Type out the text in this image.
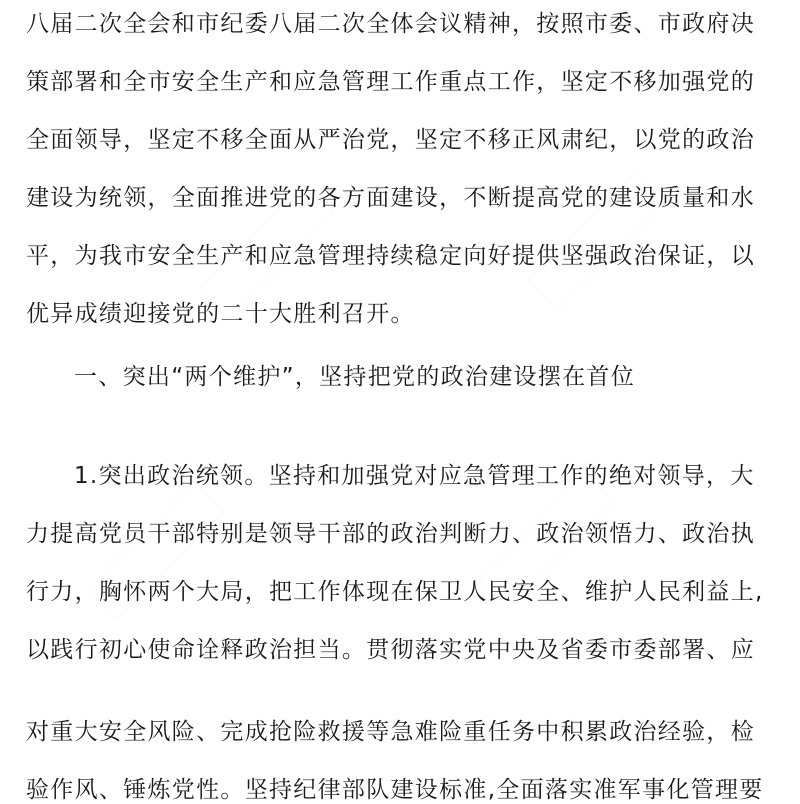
八届二次全会和市纪委八届二次全体会议精神，按照市委、市政府决
策部署和全市安全生产和应急管理工作重点工作，坚定不移加强党的
全面领导，坚定不移全面从严治党，坚定不移正风肃纪，以党的政治
建设为统领，全面推进党的各方面建设，不断提高党的建设质量和水
平，为我市安全生产和应急管理持续稳定向好提供坚强政治保证，以
优异成绩迎接党的二十大胜利召开。
一、突出“两个维护”，坚持把党的政治建设摆在首位
1.突出政治统领。坚持和加强党对应急管理工作的绝对领导，大
力提高党员干部特别是领导干部的政治判断力、政治领悟力、政治执
行力，胸怀两个大局，把工作体现在保卫人民安全、维护人民利益上,
以践行初心使命诠释政治担当。贯彻落实党中央及省委市委部署、应
对重大安全风险、完成抢险救援等急难险重任务中积累政治经验，检
验作风、锤炼党性。坚持纪律部队建设标准,全面落实准军事化管理要
